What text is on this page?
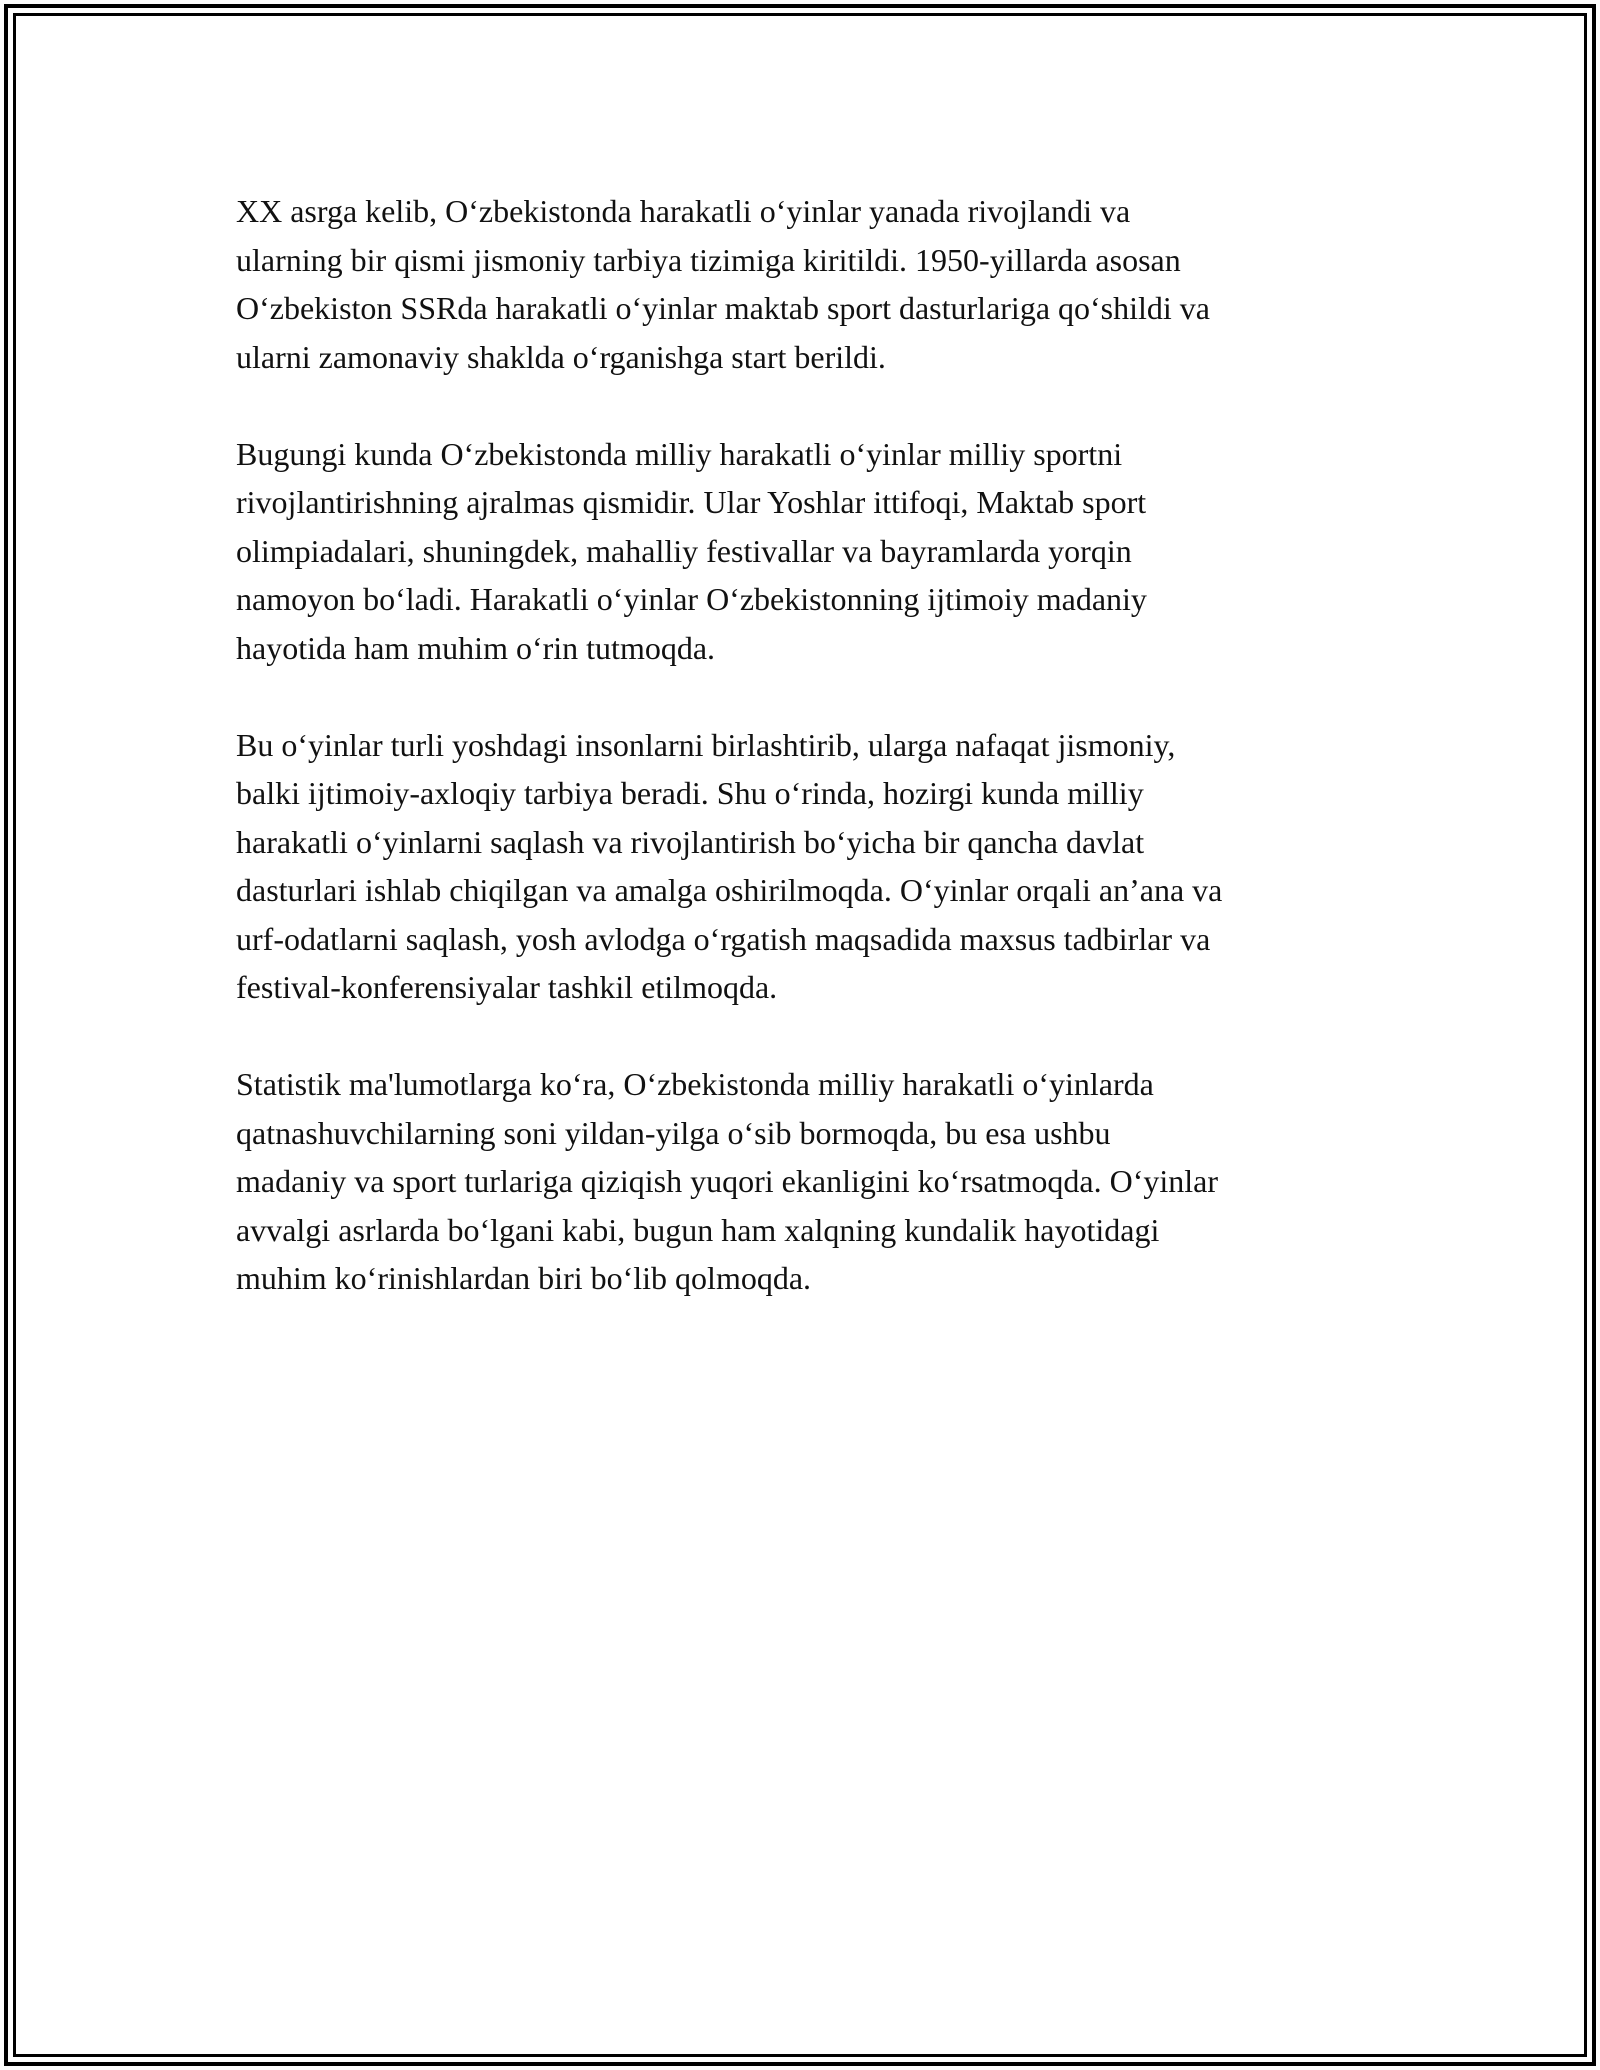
XX asrga kelib, O‘zbekistonda harakatli o‘yinlar yanada rivojlandi va
ularning bir qismi jismoniy tarbiya tizimiga kiritildi. 1950-yillarda asosan
O‘zbekiston SSRda harakatli o‘yinlar maktab sport dasturlariga qo‘shildi va
ularni zamonaviy shaklda o‘rganishga start berildi.

Bugungi kunda O‘zbekistonda milliy harakatli o‘yinlar milliy sportni
rivojlantirishning ajralmas qismidir. Ular Yoshlar ittifoqi, Maktab sport
olimpiadalari, shuningdek, mahalliy festivallar va bayramlarda yorqin
namoyon bo‘ladi. Harakatli o‘yinlar O‘zbekistonning ijtimoiy madaniy
hayotida ham muhim o‘rin tutmoqda.

Bu o‘yinlar turli yoshdagi insonlarni birlashtirib, ularga nafaqat jismoniy,
balki ijtimoiy-axloqiy tarbiya beradi. Shu o‘rinda, hozirgi kunda milliy
harakatli o‘yinlarni saqlash va rivojlantirish bo‘yicha bir qancha davlat
dasturlari ishlab chiqilgan va amalga oshirilmoqda. O‘yinlar orqali an’ana va
urf-odatlarni saqlash, yosh avlodga o‘rgatish maqsadida maxsus tadbirlar va
festival-konferensiyalar tashkil etilmoqda.

Statistik ma'lumotlarga ko‘ra, O‘zbekistonda milliy harakatli o‘yinlarda
qatnashuvchilarning soni yildan-yilga o‘sib bormoqda, bu esa ushbu
madaniy va sport turlariga qiziqish yuqori ekanligini ko‘rsatmoqda. O‘yinlar
avvalgi asrlarda bo‘lgani kabi, bugun ham xalqning kundalik hayotidagi
muhim ko‘rinishlardan biri bo‘lib qolmoqda.
